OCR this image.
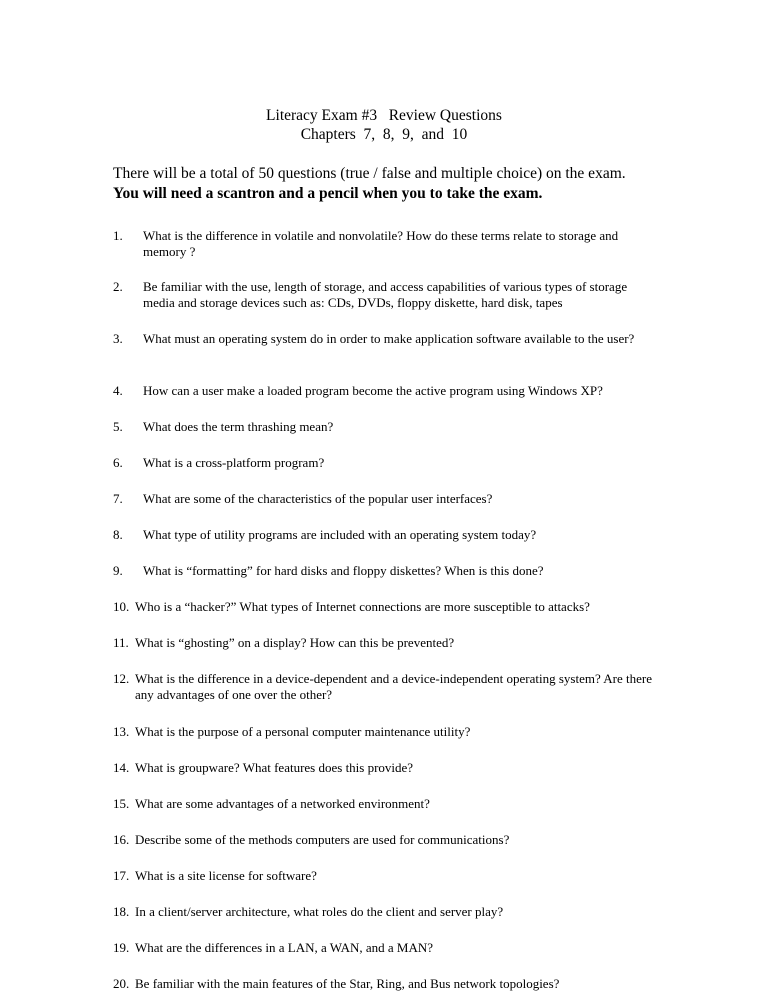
Literacy Exam #3   Review Questions
Chapters  7,  8,  9,  and  10
There will be a total of 50 questions (true / false and multiple choice) on the exam.
You will need a scantron and a pencil when you to take the exam.
1.	What is the difference in volatile and nonvolatile? How do these terms relate to storage and memory ?
2.	Be familiar with the use, length of storage, and access capabilities of various types of storage media and storage devices such as: CDs, DVDs, floppy diskette, hard disk, tapes
3.	What must an operating system do in order to make application software available to the user?
4.	How can a user make a loaded program become the active program using Windows XP?
5.	What does the term thrashing mean?
6.	What is a cross-platform program?
7.	What are some of the characteristics of the popular user interfaces?
8.	What type of utility programs are included with an operating system today?
9.	What is “formatting” for hard disks and floppy diskettes? When is this done?
10. Who is a “hacker?” What types of Internet connections are more susceptible to attacks?
11. What is “ghosting” on a display? How can this be prevented?
12. What is the difference in a device-dependent and a device-independent operating system? Are there any advantages of one over the other?
13. What is the purpose of a personal computer maintenance utility?
14. What is groupware? What features does this provide?
15. What are some advantages of a networked environment?
16. Describe some of the methods computers are used for communications?
17. What is a site license for software?
18. In a client/server architecture, what roles do the client and server play?
19. What are the differences in a LAN, a WAN, and a MAN?
20. Be familiar with the main features of the Star, Ring, and Bus network topologies?
